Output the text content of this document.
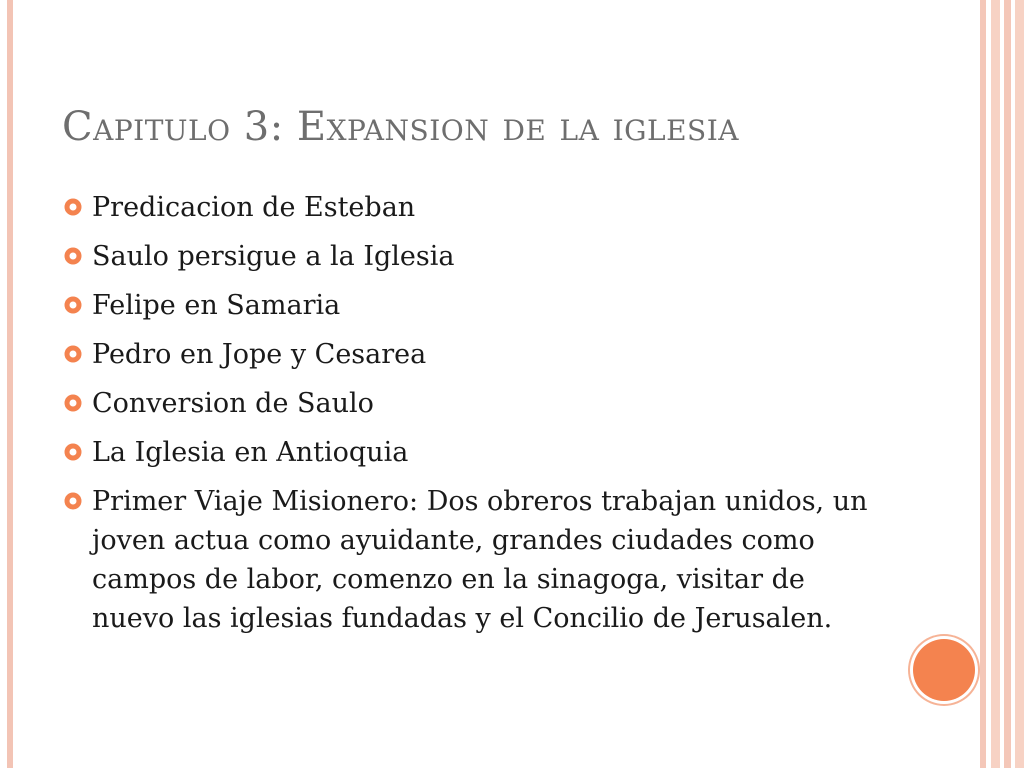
Capitulo 3: Expansion de la iglesia
Predicacion de Esteban
Saulo persigue a la Iglesia
Felipe en Samaria
Pedro en Jope y Cesarea
Conversion de Saulo
La Iglesia en Antioquia
Primer Viaje Misionero: Dos obreros trabajan unidos, un joven actua como ayuidante, grandes ciudades como campos de labor, comenzo en la sinagoga, visitar de nuevo las iglesias fundadas y el Concilio de Jerusalen.
